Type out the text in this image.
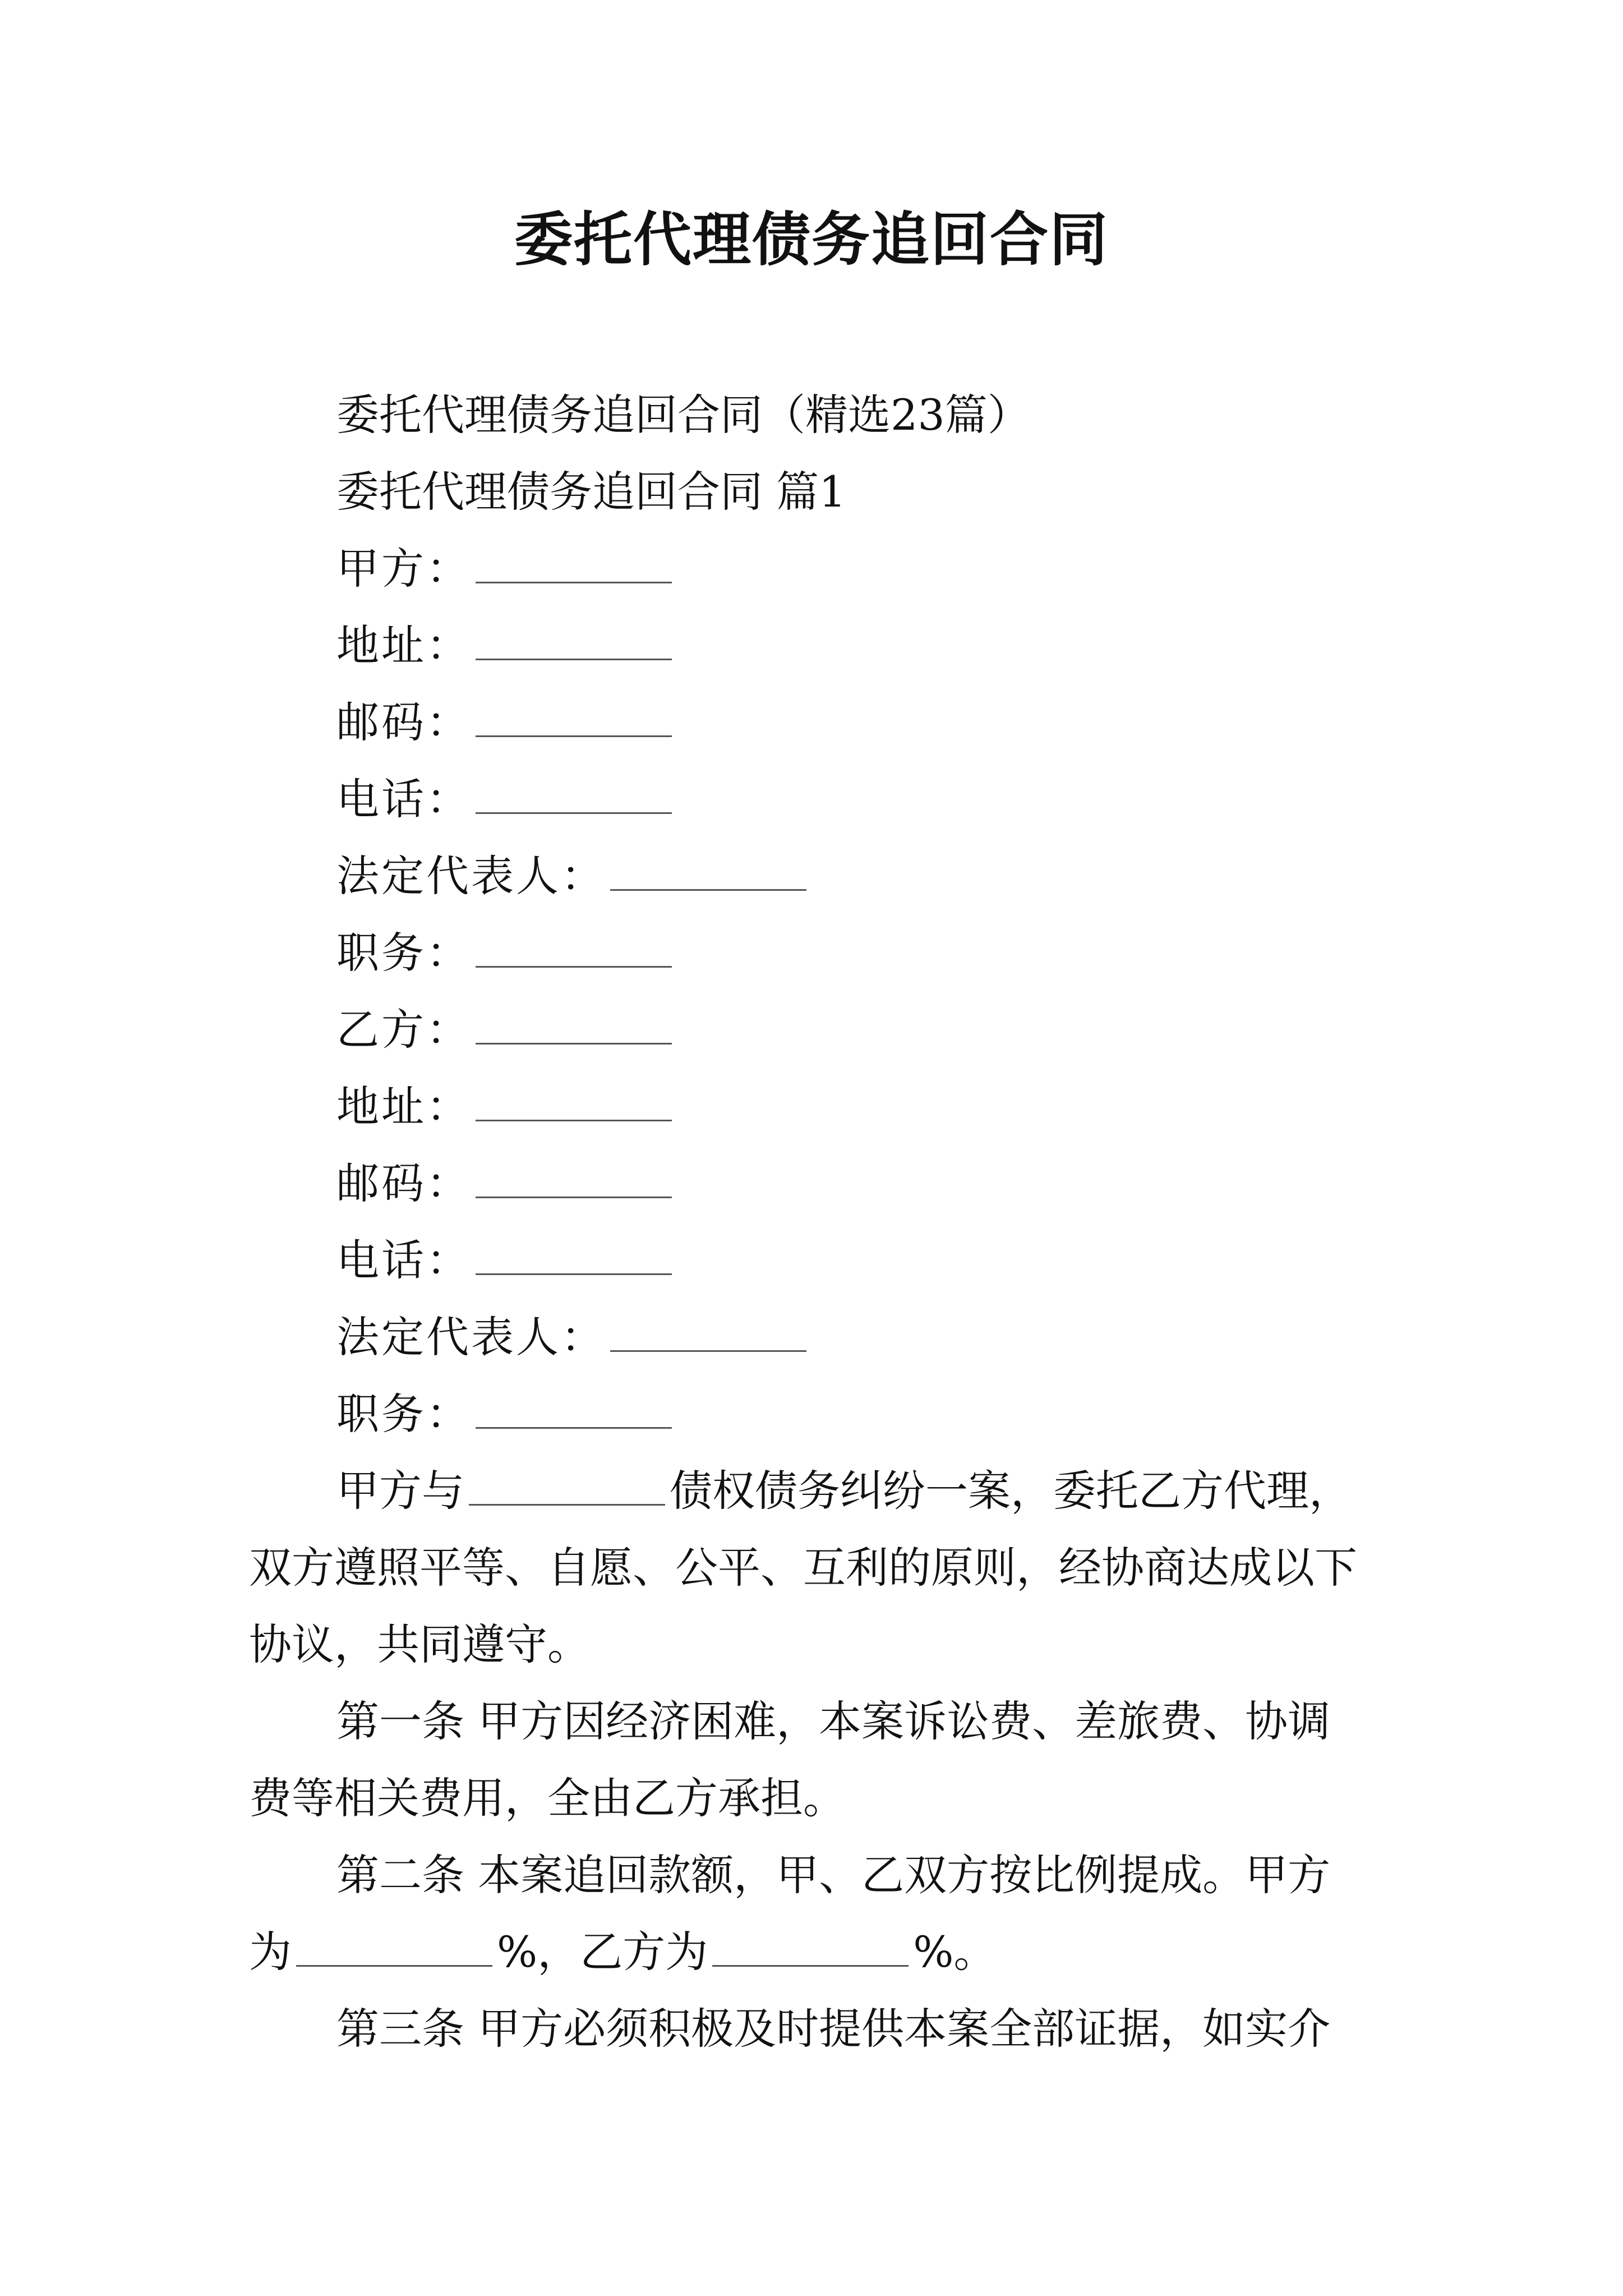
委托代理债务追回合同
委托代理债务追回合同（精选23篇）
委托代理债务追回合同 篇1
甲方：
地址：
邮码：
电话：
法定代表人：
职务：
乙方：
地址：
邮码：
电话：
法定代表人：
职务：
甲方与	债权债务纠纷一案，委托乙方代理，
双方遵照平等、自愿、公平、互利的原则，经协商达成以下
协议，共同遵守。
第一条 甲方因经济困难，本案诉讼费、差旅费、协调
费等相关费用，全由乙方承担。
第二条 本案追回款额，甲、乙双方按比例提成。甲方
为	%，乙方为	%。
第三条 甲方必须积极及时提供本案全部证据，如实介
